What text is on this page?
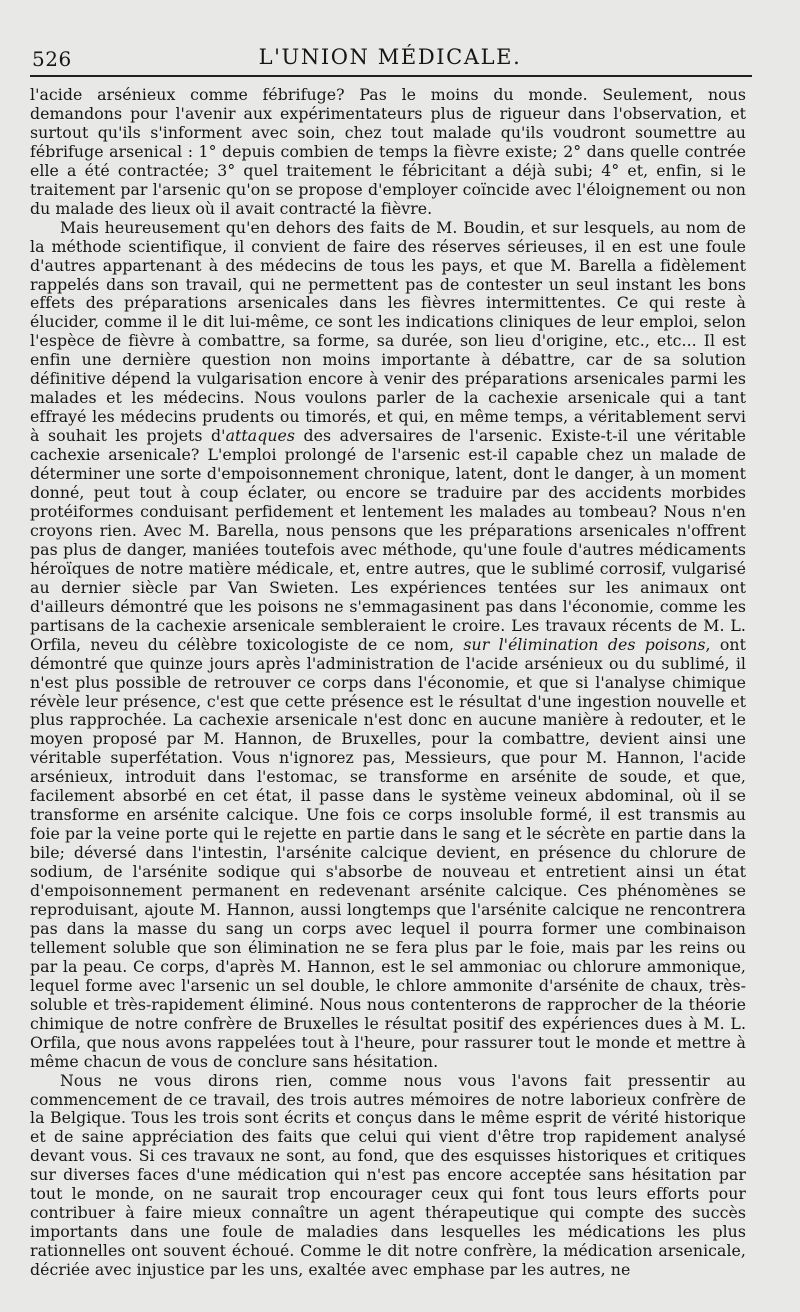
526	L'UNION MÉDICALE.

l'acide arsénieux comme fébrifuge? Pas le moins du monde. Seulement, nous demandons pour l'avenir aux expérimentateurs plus de rigueur dans l'observation, et surtout qu'ils s'informent avec soin, chez tout malade qu'ils voudront soumettre au fébrifuge arsenical : 1° depuis combien de temps la fièvre existe; 2° dans quelle contrée elle a été contractée; 3° quel traitement le fébricitant a déjà subi; 4° et, enfin, si le traitement par l'arsenic qu'on se propose d'employer coïncide avec l'éloignement ou non du malade des lieux où il avait contracté la fièvre.

Mais heureusement qu'en dehors des faits de M. Boudin, et sur lesquels, au nom de la méthode scientifique, il convient de faire des réserves sérieuses, il en est une foule d'autres appartenant à des médecins de tous les pays, et que M. Barella a fidèlement rappelés dans son travail, qui ne permettent pas de contester un seul instant les bons effets des préparations arsenicales dans les fièvres intermittentes. Ce qui reste à élucider, comme il le dit lui-même, ce sont les indications cliniques de leur emploi, selon l'espèce de fièvre à combattre, sa forme, sa durée, son lieu d'origine, etc., etc... Il est enfin une dernière question non moins importante à débattre, car de sa solution définitive dépend la vulgarisation encore à venir des préparations arsenicales parmi les malades et les médecins. Nous voulons parler de la cachexie arsenicale qui a tant effrayé les médecins prudents ou timorés, et qui, en même temps, a véritablement servi à souhait les projets d'attaques des adversaires de l'arsenic. Existe-t-il une véritable cachexie arsenicale? L'emploi prolongé de l'arsenic est-il capable chez un malade de déterminer une sorte d'empoisonnement chronique, latent, dont le danger, à un moment donné, peut tout à coup éclater, ou encore se traduire par des accidents morbides protéiformes conduisant perfidement et lentement les malades au tombeau? Nous n'en croyons rien. Avec M. Barella, nous pensons que les préparations arsenicales n'offrent pas plus de danger, maniées toutefois avec méthode, qu'une foule d'autres médicaments héroïques de notre matière médicale, et, entre autres, que le sublimé corrosif, vulgarisé au dernier siècle par Van Swieten. Les expériences tentées sur les animaux ont d'ailleurs démontré que les poisons ne s'emmagasinent pas dans l'économie, comme les partisans de la cachexie arsenicale sembleraient le croire. Les travaux récents de M. L. Orfila, neveu du célèbre toxicologiste de ce nom, sur l'élimination des poisons, ont démontré que quinze jours après l'administration de l'acide arsénieux ou du sublimé, il n'est plus possible de retrouver ce corps dans l'économie, et que si l'analyse chimique révèle leur présence, c'est que cette présence est le résultat d'une ingestion nouvelle et plus rapprochée. La cachexie arsenicale n'est donc en aucune manière à redouter, et le moyen proposé par M. Hannon, de Bruxelles, pour la combattre, devient ainsi une véritable superfétation. Vous n'ignorez pas, Messieurs, que pour M. Hannon, l'acide arsénieux, introduit dans l'estomac, se transforme en arsénite de soude, et que, facilement absorbé en cet état, il passe dans le système veineux abdominal, où il se transforme en arsénite calcique. Une fois ce corps insoluble formé, il est transmis au foie par la veine porte qui le rejette en partie dans le sang et le sécrète en partie dans la bile; déversé dans l'intestin, l'arsénite calcique devient, en présence du chlorure de sodium, de l'arsénite sodique qui s'absorbe de nouveau et entretient ainsi un état d'empoisonnement permanent en redevenant arsénite calcique. Ces phénomènes se reproduisant, ajoute M. Hannon, aussi longtemps que l'arsénite calcique ne rencontrera pas dans la masse du sang un corps avec lequel il pourra former une combinaison tellement soluble que son élimination ne se fera plus par le foie, mais par les reins ou par la peau. Ce corps, d'après M. Hannon, est le sel ammoniac ou chlorure ammonique, lequel forme avec l'arsenic un sel double, le chlore ammonite d'arsénite de chaux, très-soluble et très-rapidement éliminé. Nous nous contenterons de rapprocher de la théorie chimique de notre confrère de Bruxelles le résultat positif des expériences dues à M. L. Orfila, que nous avons rappelées tout à l'heure, pour rassurer tout le monde et mettre à même chacun de vous de conclure sans hésitation.

Nous ne vous dirons rien, comme nous vous l'avons fait pressentir au commencement de ce travail, des trois autres mémoires de notre laborieux confrère de la Belgique. Tous les trois sont écrits et conçus dans le même esprit de vérité historique et de saine appréciation des faits que celui qui vient d'être trop rapidement analysé devant vous. Si ces travaux ne sont, au fond, que des esquisses historiques et critiques sur diverses faces d'une médication qui n'est pas encore acceptée sans hésitation par tout le monde, on ne saurait trop encourager ceux qui font tous leurs efforts pour contribuer à faire mieux connaître un agent thérapeutique qui compte des succès importants dans une foule de maladies dans lesquelles les médications les plus rationnelles ont souvent échoué. Comme le dit notre confrère, la médication arsenicale, décriée avec injustice par les uns, exaltée avec emphase par les autres, ne
